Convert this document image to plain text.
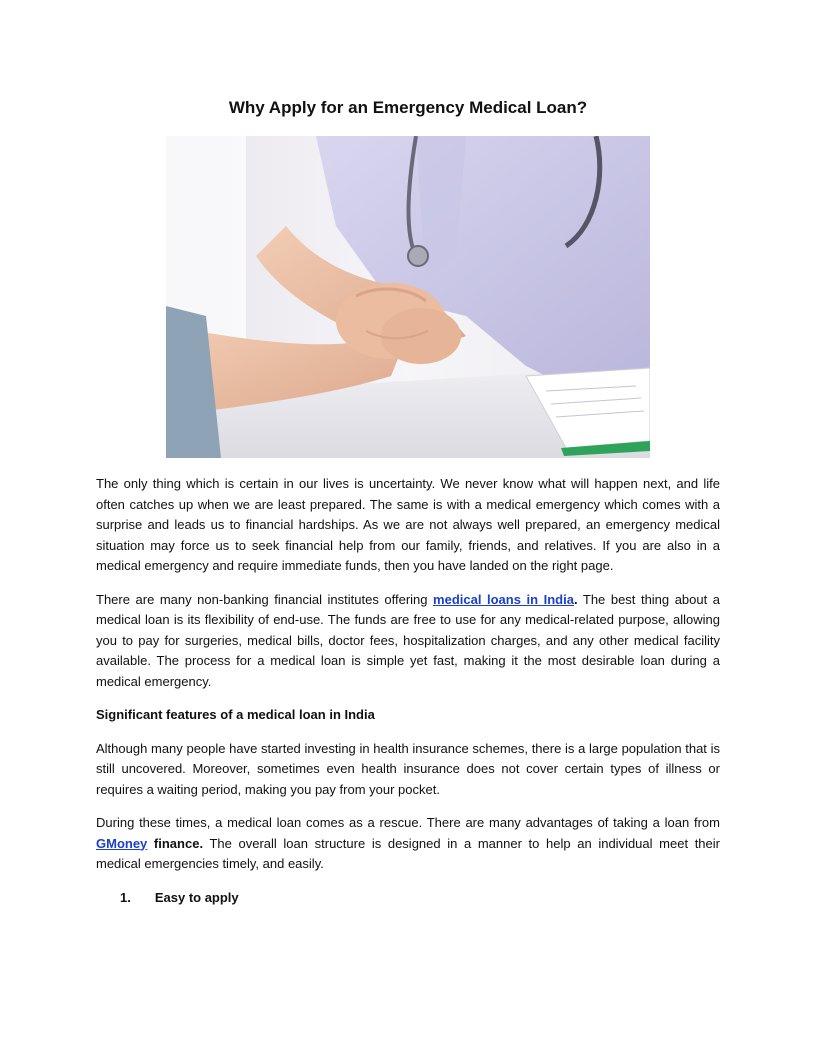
Why Apply for an Emergency Medical Loan?

The only thing which is certain in our lives is uncertainty. We never know what will happen next, and life often catches up when we are least prepared. The same is with a medical emergency which comes with a surprise and leads us to financial hardships. As we are not always well prepared, an emergency medical situation may force us to seek financial help from our family, friends, and relatives. If you are also in a medical emergency and require immediate funds, then you have landed on the right page.

There are many non-banking financial institutes offering medical loans in India. The best thing about a medical loan is its flexibility of end-use. The funds are free to use for any medical-related purpose, allowing you to pay for surgeries, medical bills, doctor fees, hospitalization charges, and any other medical facility available. The process for a medical loan is simple yet fast, making it the most desirable loan during a medical emergency.

Significant features of a medical loan in India

Although many people have started investing in health insurance schemes, there is a large population that is still uncovered. Moreover, sometimes even health insurance does not cover certain types of illness or requires a waiting period, making you pay from your pocket.

During these times, a medical loan comes as a rescue. There are many advantages of taking a loan from GMoney finance. The overall loan structure is designed in a manner to help an individual meet their medical emergencies timely, and easily.

1. Easy to apply
